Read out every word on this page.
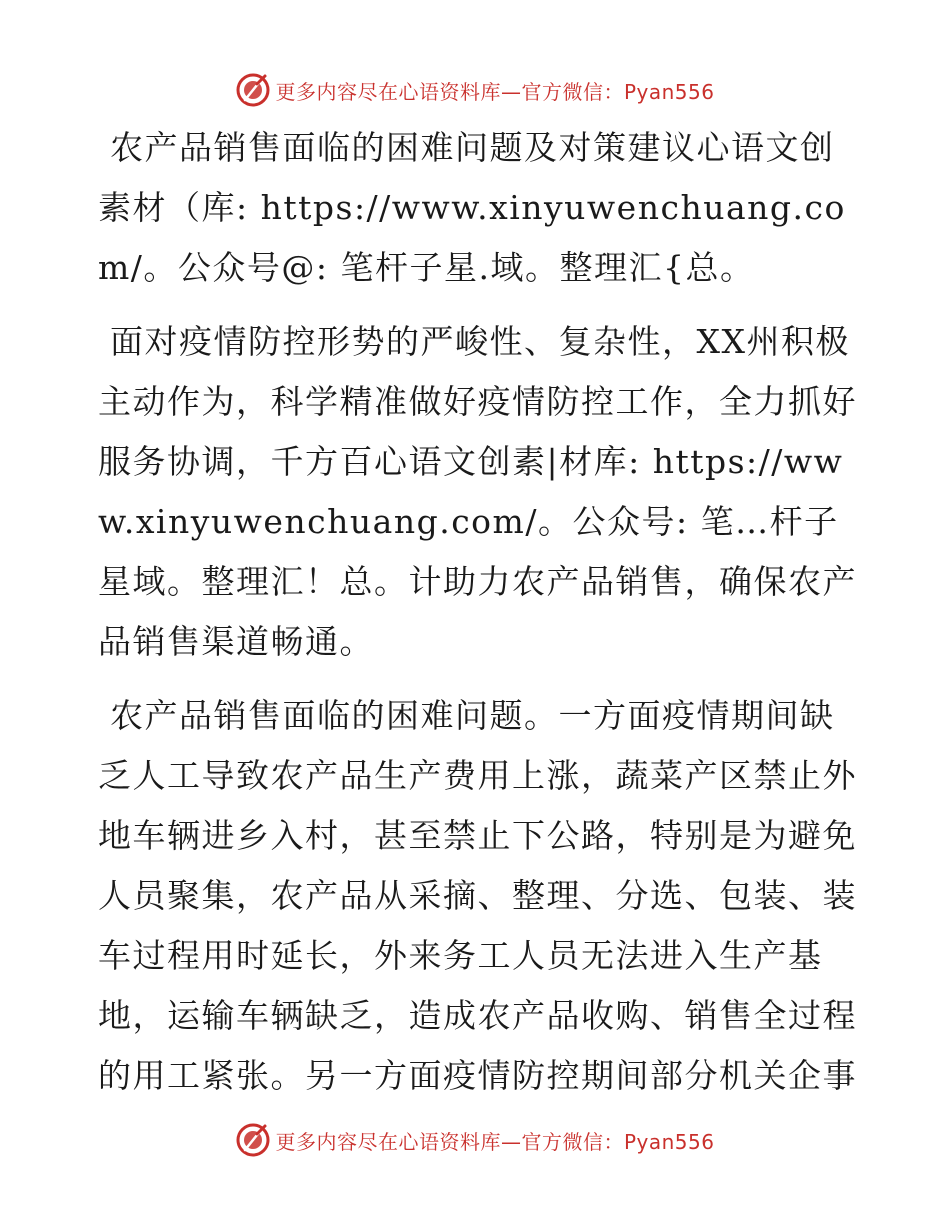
更多内容尽在心语资料库—官方微信：Pyan556

农产品销售面临的困难问题及对策建议心语文创素材（库: https://www.xinyuwenchuang.com/。公众号@: 笔杆子星.域。整理汇{总。

面对疫情防控形势的严峻性、复杂性，XX州积极主动作为，科学精准做好疫情防控工作，全力抓好服务协调，千方百心语文创素|材库: https://www.xinyuwenchuang.com/。公众号: 笔…杆子星域。整理汇！总。计助力农产品销售，确保农产品销售渠道畅通。

农产品销售面临的困难问题。一方面疫情期间缺乏人工导致农产品生产费用上涨，蔬菜产区禁止外地车辆进乡入村，甚至禁止下公路，特别是为避免人员聚集，农产品从采摘、整理、分选、包装、装车过程用时延长，外来务工人员无法进入生产基地，运输车辆缺乏，造成农产品收购、销售全过程的用工紧张。另一方面疫情防控期间部分机关企事

更多内容尽在心语资料库—官方微信：Pyan556
